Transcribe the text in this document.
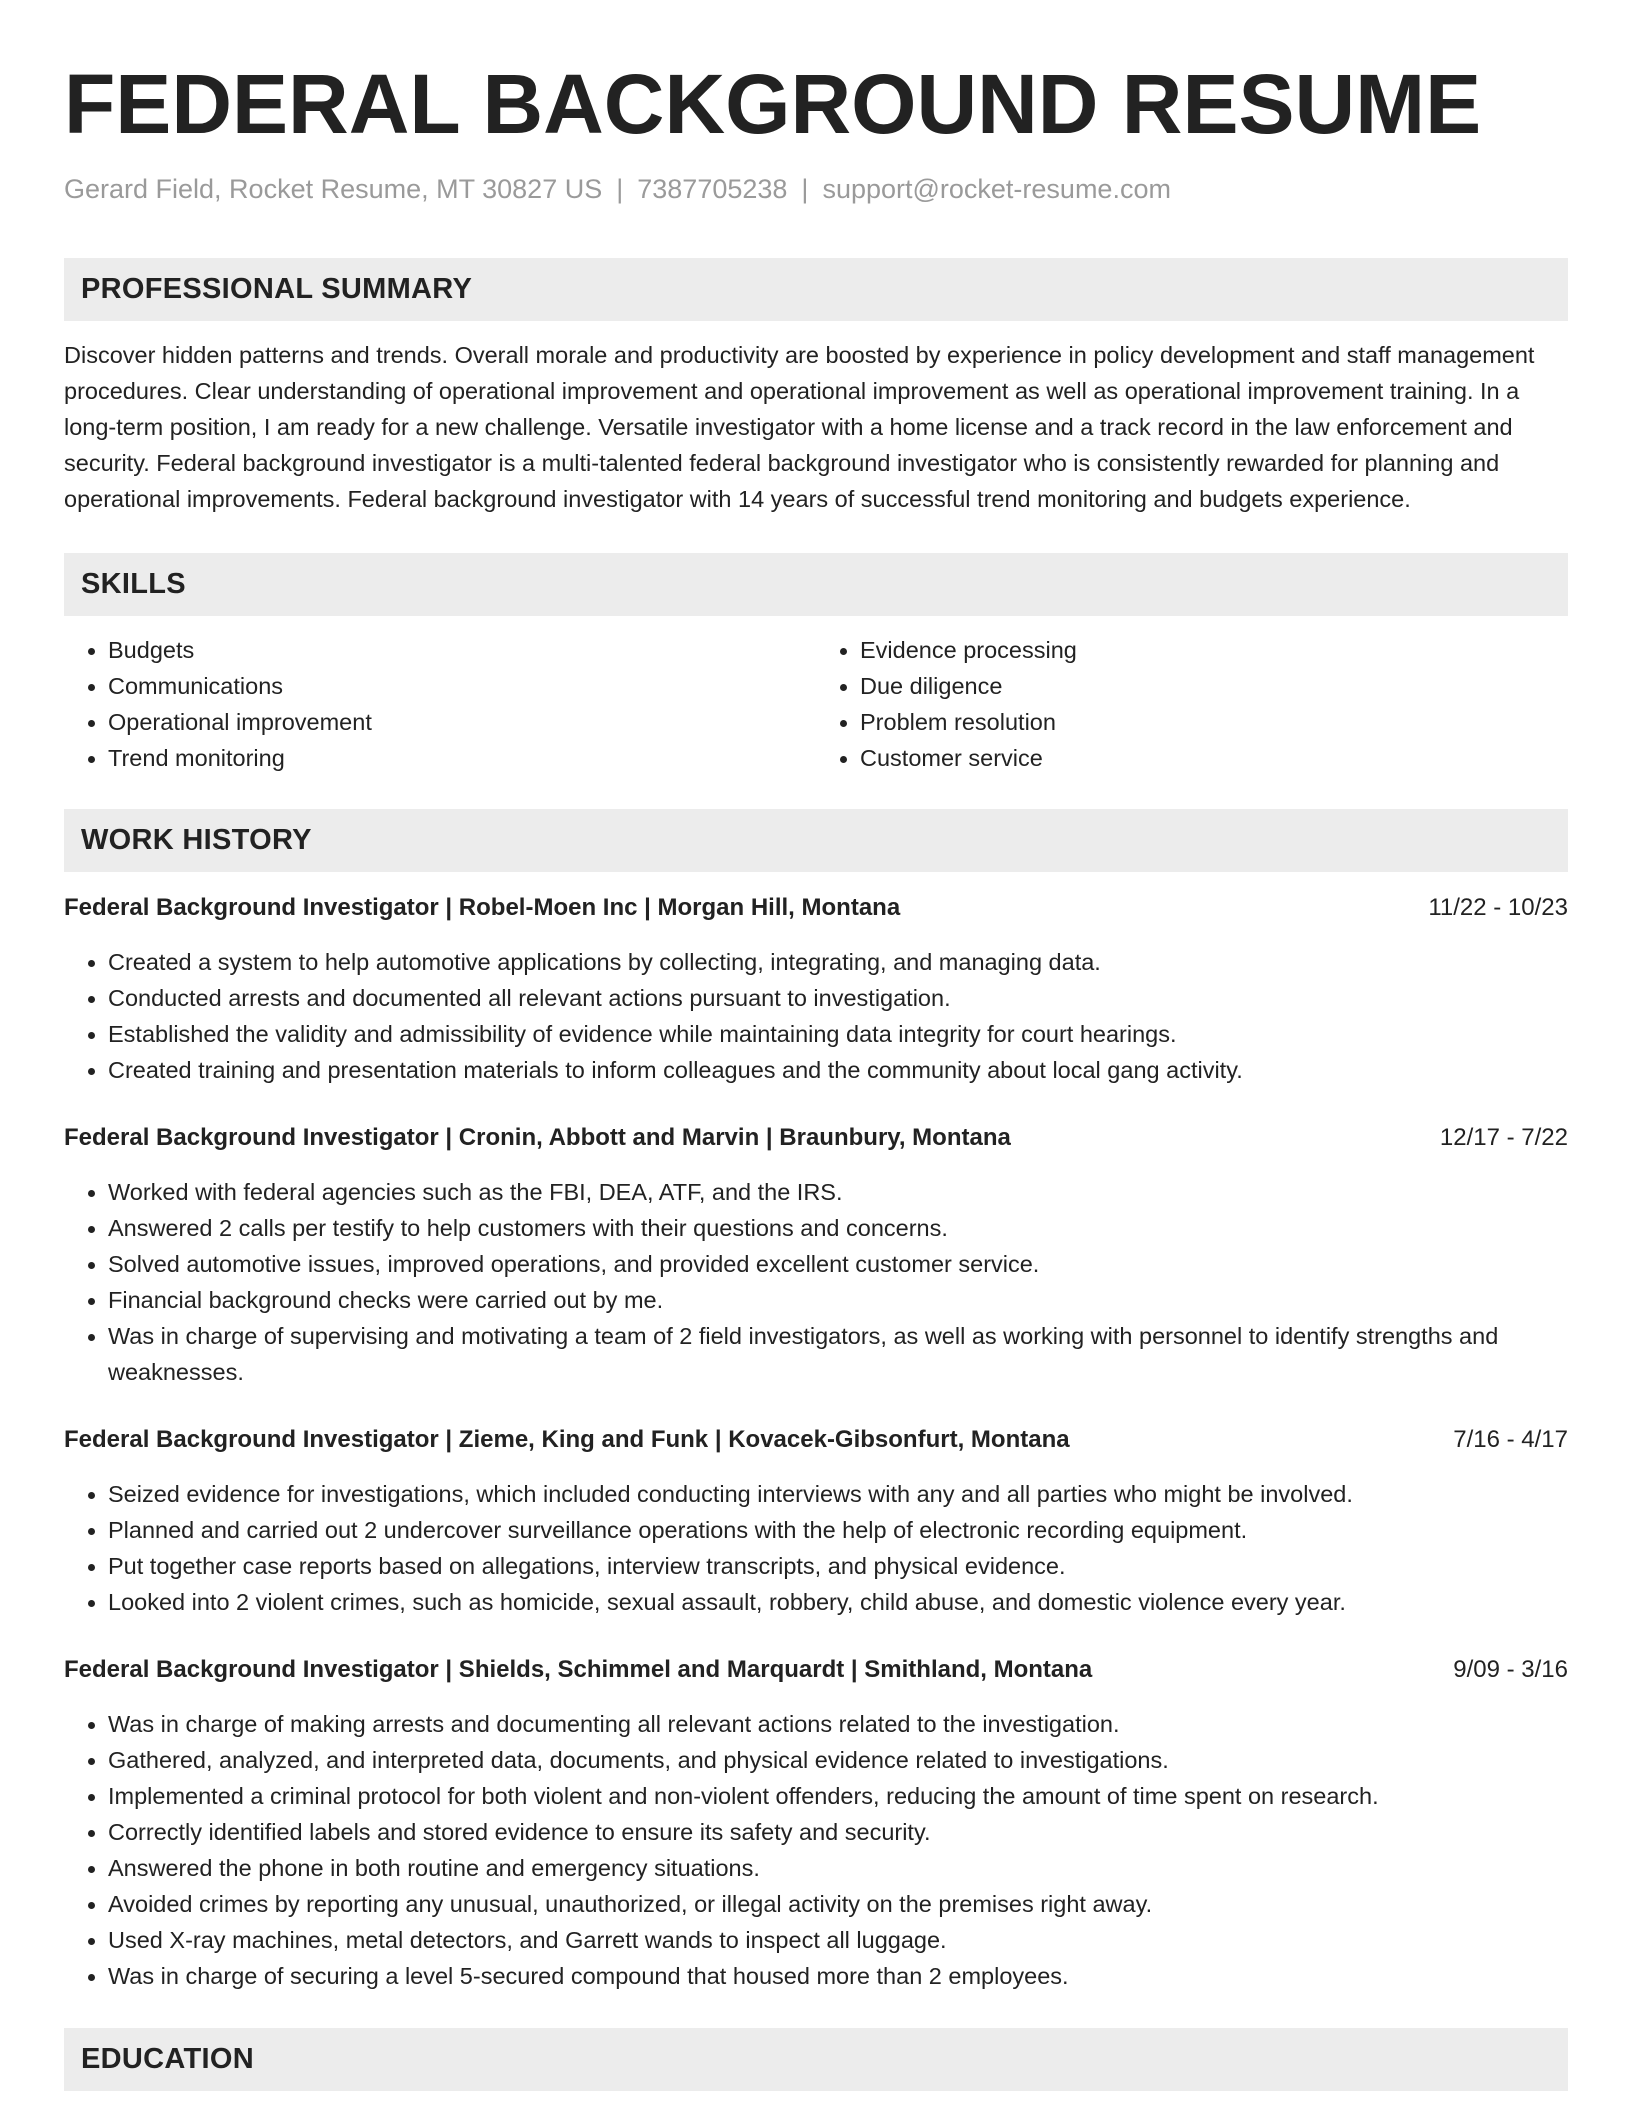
FEDERAL BACKGROUND RESUME
Gerard Field, Rocket Resume, MT 30827 US | 7387705238 | support@rocket-resume.com
PROFESSIONAL SUMMARY

Discover hidden patterns and trends. Overall morale and productivity are boosted by experience in policy development and staff management procedures. Clear understanding of operational improvement and operational improvement as well as operational improvement training. In a long-term position, I am ready for a new challenge. Versatile investigator with a home license and a track record in the law enforcement and security. Federal background investigator is a multi-talented federal background investigator who is consistently rewarded for planning and operational improvements. Federal background investigator with 14 years of successful trend monitoring and budgets experience.

SKILLS
• Budgets
• Communications
• Operational improvement
• Trend monitoring
• Evidence processing
• Due diligence
• Problem resolution
• Customer service
WORK HISTORY
Federal Background Investigator | Robel-Moen Inc | Morgan Hill, Montana	11/22 - 10/23
• Created a system to help automotive applications by collecting, integrating, and managing data.
• Conducted arrests and documented all relevant actions pursuant to investigation.
• Established the validity and admissibility of evidence while maintaining data integrity for court hearings.
• Created training and presentation materials to inform colleagues and the community about local gang activity.
Federal Background Investigator | Cronin, Abbott and Marvin | Braunbury, Montana	12/17 - 7/22
• Worked with federal agencies such as the FBI, DEA, ATF, and the IRS.
• Answered 2 calls per testify to help customers with their questions and concerns.
• Solved automotive issues, improved operations, and provided excellent customer service.
• Financial background checks were carried out by me.
• Was in charge of supervising and motivating a team of 2 field investigators, as well as working with personnel to identify strengths and weaknesses.
Federal Background Investigator | Zieme, King and Funk | Kovacek-Gibsonfurt, Montana	7/16 - 4/17
• Seized evidence for investigations, which included conducting interviews with any and all parties who might be involved.
• Planned and carried out 2 undercover surveillance operations with the help of electronic recording equipment.
• Put together case reports based on allegations, interview transcripts, and physical evidence.
• Looked into 2 violent crimes, such as homicide, sexual assault, robbery, child abuse, and domestic violence every year.
Federal Background Investigator | Shields, Schimmel and Marquardt | Smithland, Montana	9/09 - 3/16
• Was in charge of making arrests and documenting all relevant actions related to the investigation.
• Gathered, analyzed, and interpreted data, documents, and physical evidence related to investigations.
• Implemented a criminal protocol for both violent and non-violent offenders, reducing the amount of time spent on research.
• Correctly identified labels and stored evidence to ensure its safety and security.
• Answered the phone in both routine and emergency situations.
• Avoided crimes by reporting any unusual, unauthorized, or illegal activity on the premises right away.
• Used X-ray machines, metal detectors, and Garrett wands to inspect all luggage.
• Was in charge of securing a level 5-secured compound that housed more than 2 employees.
EDUCATION
